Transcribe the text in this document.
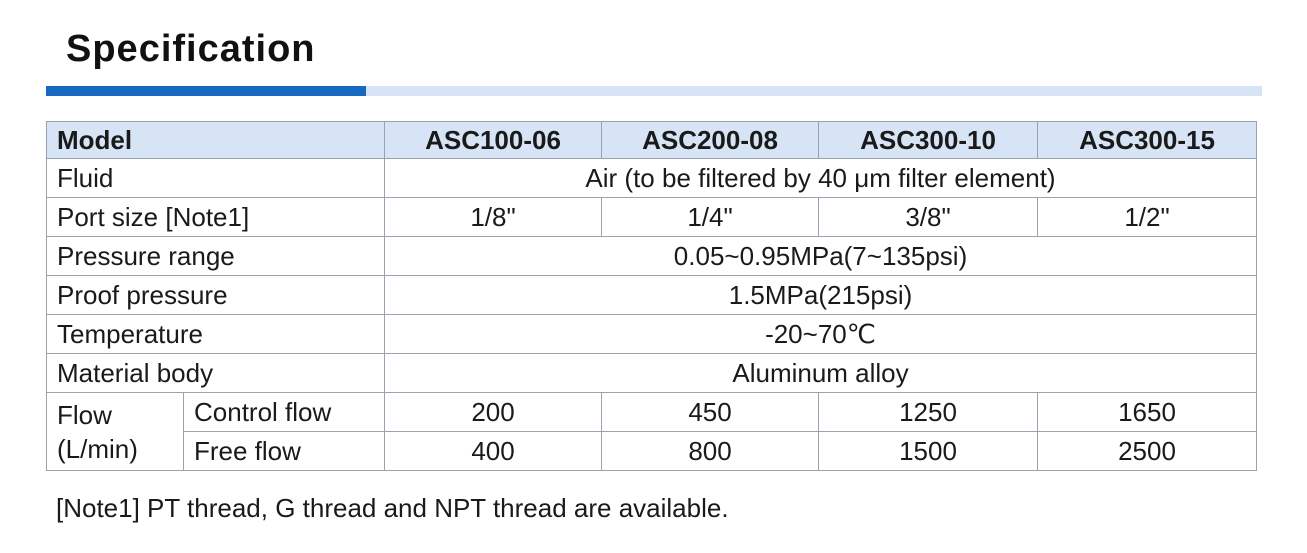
Specification
Model		ASC100-06	ASC200-08	ASC300-10	ASC300-15
Fluid		Air (to be filtered by 40 μm filter element)			
Port size [Note1]		1/8"	1/4"	3/8"	1/2"
Pressure range		0.05~0.95MPa(7~135psi)			
Proof pressure		1.5MPa(215psi)			
Temperature		-20~70℃			
Material body		Aluminum alloy			
Flow
(L/min)	Control flow	200	450	1250	1650
	Free flow	400	800	1500	2500

[Note1] PT thread, G thread and NPT thread are available.
